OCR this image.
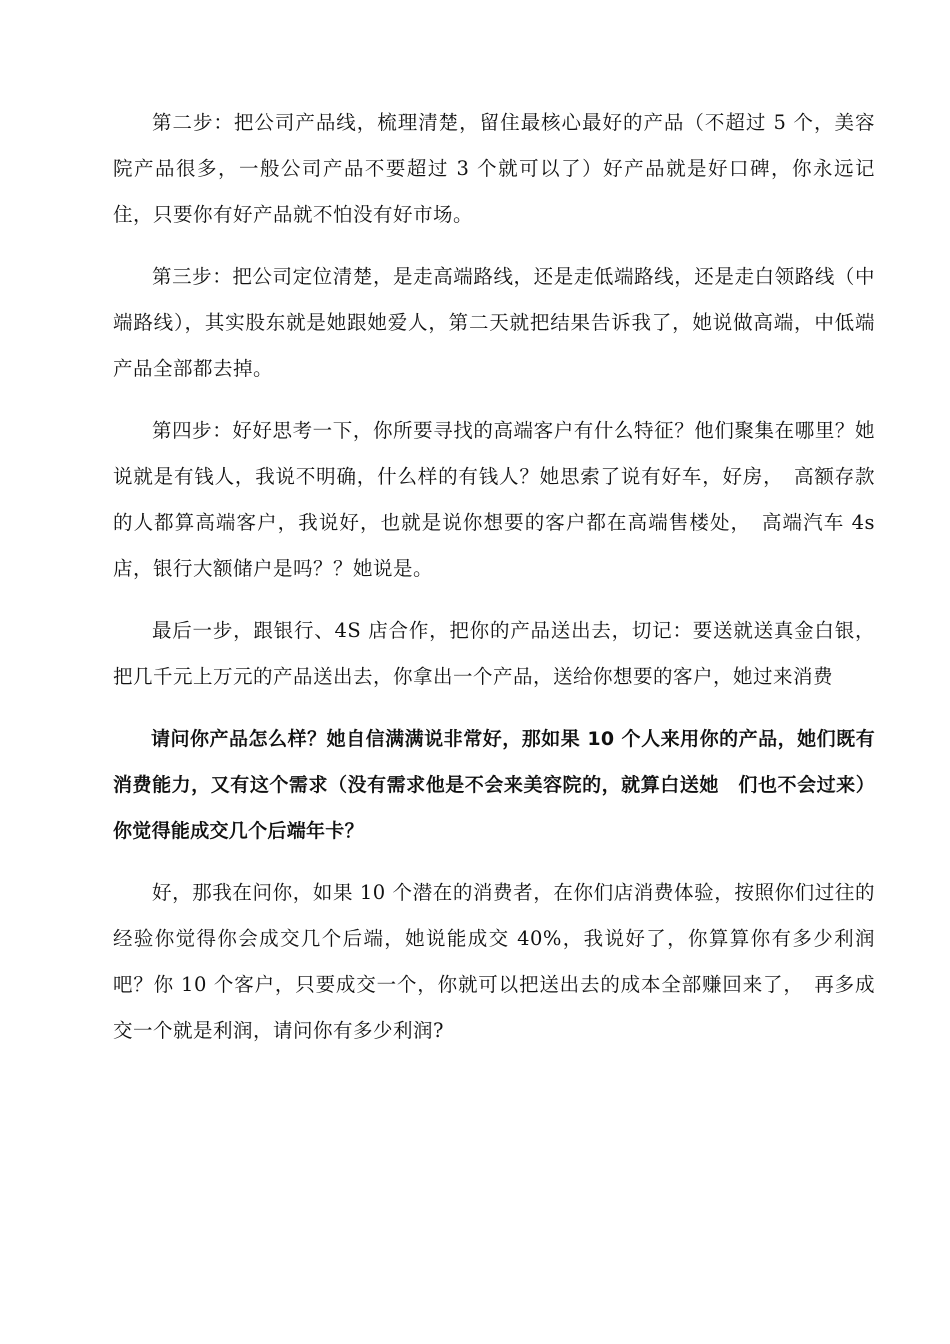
第二步：把公司产品线，梳理清楚，留住最核心最好的产品（不超过 5 个，美容院产品很多，一般公司产品不要超过 3 个就可以了）好产品就是好口碑，你永远记住，只要你有好产品就不怕没有好市场。

第三步：把公司定位清楚，是走高端路线，还是走低端路线，还是走白领路线（中端路线），其实股东就是她跟她爱人，第二天就把结果告诉我了，她说做高端，中低端产品全部都去掉。

第四步：好好思考一下，你所要寻找的高端客户有什么特征？他们聚集在哪里？她说就是有钱人，我说不明确，什么样的有钱人？她思索了说有好车，好房，　高额存款的人都算高端客户，我说好，也就是说你想要的客户都在高端售楼处，　高端汽车 4s 店，银行大额储户是吗？？她说是。

最后一步，跟银行、4S 店合作，把你的产品送出去，切记：要送就送真金白银，把几千元上万元的产品送出去，你拿出一个产品，送给你想要的客户，她过来消费

请问你产品怎么样？她自信满满说非常好，那如果 10 个人来用你的产品，她们既有消费能力，又有这个需求（没有需求他是不会来美容院的，就算白送她　们也不会过来）你觉得能成交几个后端年卡？

好，那我在问你，如果 10 个潜在的消费者，在你们店消费体验，按照你们过往的经验你觉得你会成交几个后端，她说能成交 40%，我说好了，你算算你有多少利润吧？你 10 个客户，只要成交一个，你就可以把送出去的成本全部赚回来了，　再多成交一个就是利润，请问你有多少利润?
